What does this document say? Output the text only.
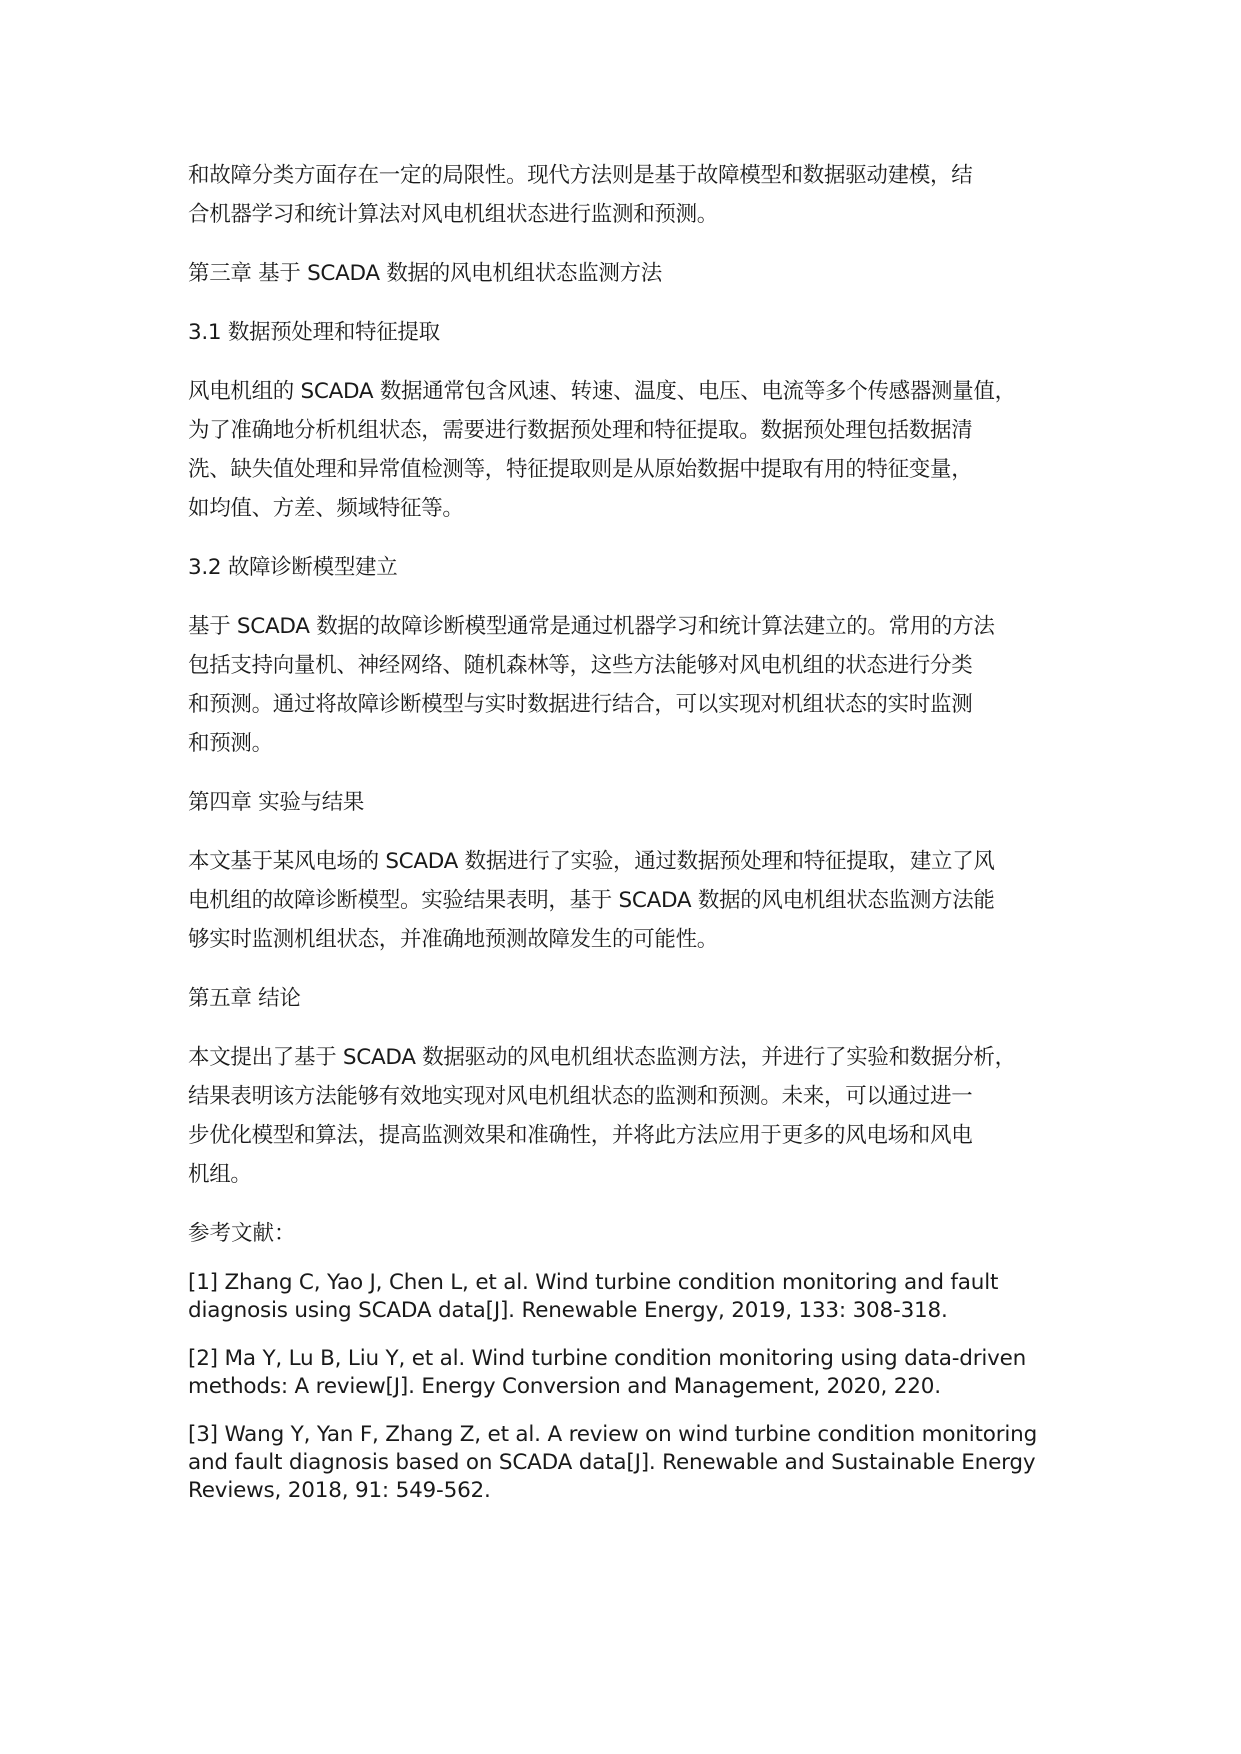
和故障分类方面存在一定的局限性。现代方法则是基于故障模型和数据驱动建模，结
合机器学习和统计算法对风电机组状态进行监测和预测。
第三章 基于 SCADA 数据的风电机组状态监测方法
3.1 数据预处理和特征提取
风电机组的 SCADA 数据通常包含风速、转速、温度、电压、电流等多个传感器测量值，
为了准确地分析机组状态，需要进行数据预处理和特征提取。数据预处理包括数据清
洗、缺失值处理和异常值检测等，特征提取则是从原始数据中提取有用的特征变量，
如均值、方差、频域特征等。
3.2 故障诊断模型建立
基于 SCADA 数据的故障诊断模型通常是通过机器学习和统计算法建立的。常用的方法
包括支持向量机、神经网络、随机森林等，这些方法能够对风电机组的状态进行分类
和预测。通过将故障诊断模型与实时数据进行结合，可以实现对机组状态的实时监测
和预测。
第四章 实验与结果
本文基于某风电场的 SCADA 数据进行了实验，通过数据预处理和特征提取，建立了风
电机组的故障诊断模型。实验结果表明，基于 SCADA 数据的风电机组状态监测方法能
够实时监测机组状态，并准确地预测故障发生的可能性。
第五章 结论
本文提出了基于 SCADA 数据驱动的风电机组状态监测方法，并进行了实验和数据分析，
结果表明该方法能够有效地实现对风电机组状态的监测和预测。未来，可以通过进一
步优化模型和算法，提高监测效果和准确性，并将此方法应用于更多的风电场和风电
机组。
参考文献：
[1] Zhang C, Yao J, Chen L, et al. Wind turbine condition monitoring and fault
diagnosis using SCADA data[J]. Renewable Energy, 2019, 133: 308-318.
[2] Ma Y, Lu B, Liu Y, et al. Wind turbine condition monitoring using data-driven
methods: A review[J]. Energy Conversion and Management, 2020, 220.
[3] Wang Y, Yan F, Zhang Z, et al. A review on wind turbine condition monitoring
and fault diagnosis based on SCADA data[J]. Renewable and Sustainable Energy
Reviews, 2018, 91: 549-562.
